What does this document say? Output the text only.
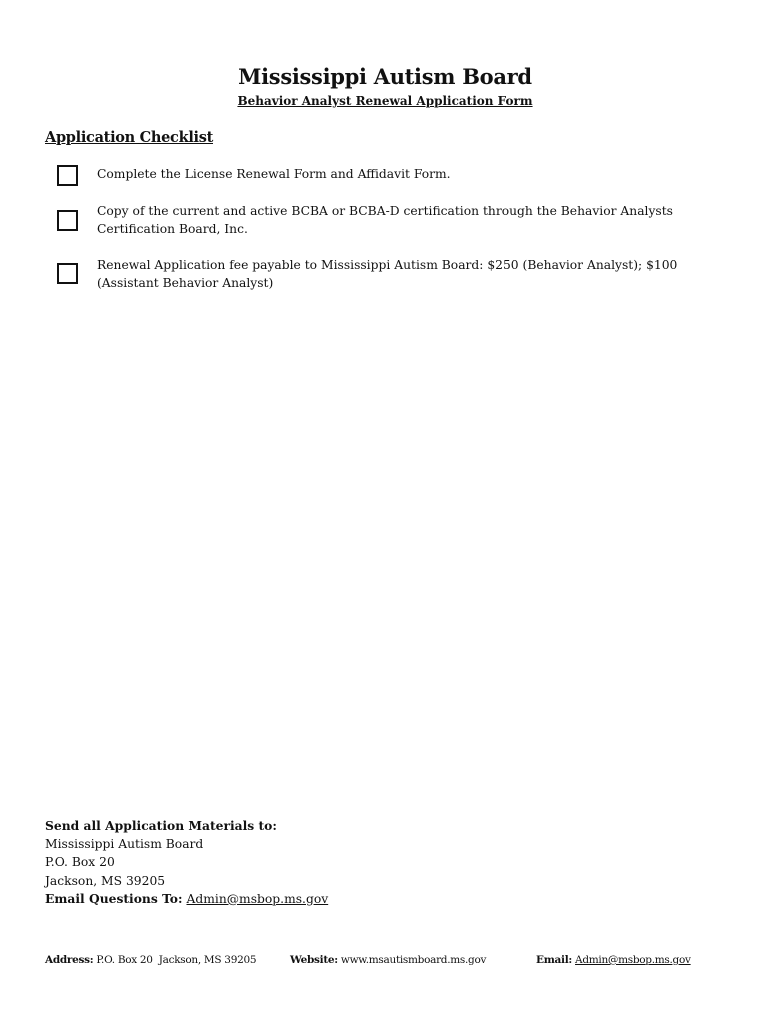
Mississippi Autism Board
Behavior Analyst Renewal Application Form
Application Checklist
Complete the License Renewal Form and Affidavit Form.
Copy of the current and active BCBA or BCBA-D certification through the Behavior Analysts Certification Board, Inc.
Renewal Application fee payable to Mississippi Autism Board: $250 (Behavior Analyst); $100 (Assistant Behavior Analyst)
Send all Application Materials to:
Mississippi Autism Board
P.O. Box 20
Jackson, MS 39205
Email Questions To: Admin@msbop.ms.gov
Address: P.O. Box 20  Jackson, MS 39205	Website: www.msautismboard.ms.gov	Email: Admin@msbop.ms.gov
